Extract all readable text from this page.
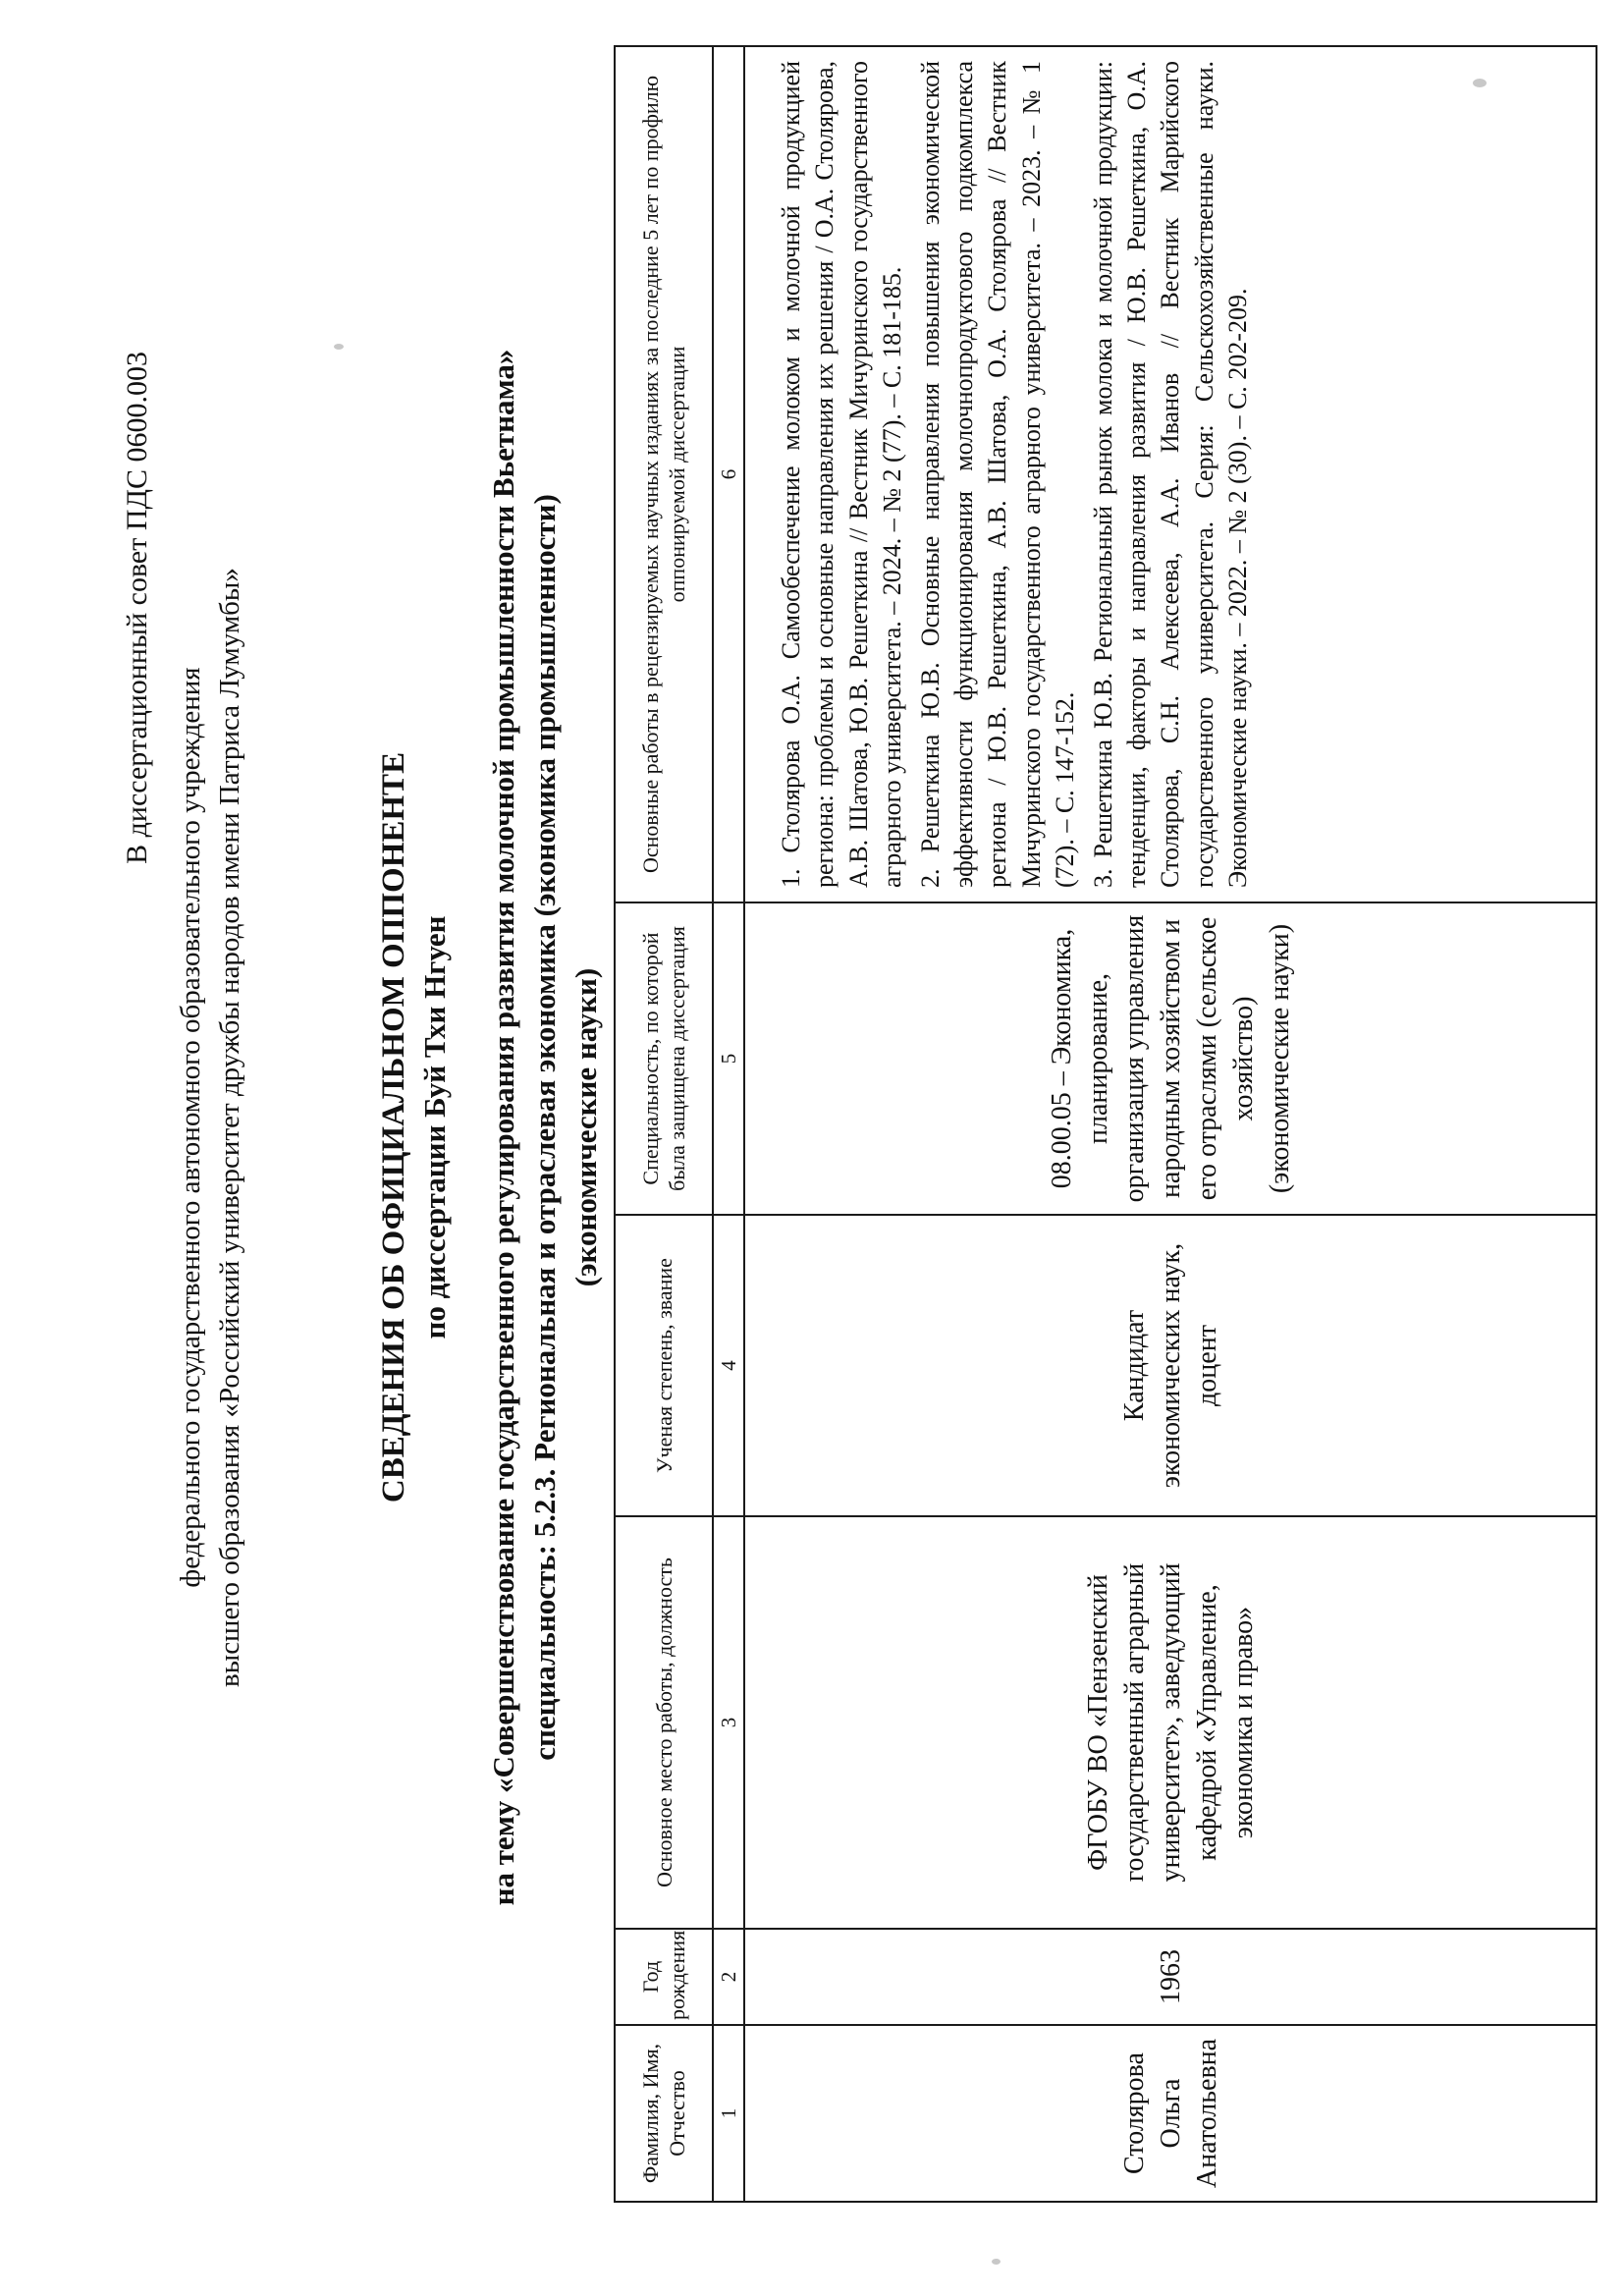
В диссертационный совет ПДС 0600.003
федерального государственного автономного образовательного учреждения высшего образования «Российский университет дружбы народов имени Патриса Лумумбы»	СВЕДЕНИЯ ОБ ОФИЦИАЛЬНОМ ОППОНЕНТЕ по диссертации Буй Тхи Нгуен на тему «Совершенствование государственного регулирования развития молочной промышленности Вьетнама» специальность: 5.2.3. Региональная и отраслевая экономика (экономика промышленности) (экономические науки)
Фамилия, Имя, Отчество	Год рождения	Основное место работы, должность	Ученая степень, звание	Специальность, по которой была защищена диссертация	Основные работы в рецензируемых научных изданиях за последние 5 лет по профилю оппонируемой диссертации
1	2	3	4	5	6
Столярова Ольга Анатольевна	1963	ФГОБУ ВО «Пензенский государственный аграрный университет», заведующий кафедрой «Управление, экономика и право»	Кандидат экономических наук, доцент	08.00.05 – Экономика, планирование, организация управления народным хозяйством и его отраслями (сельское хозяйство) (экономические науки)	1. Столярова О.А. Самообеспечение молоком и молочной продукцией региона: проблемы и основные направления их решения / О.А. Столярова, А.В. Шатова, Ю.В. Решеткина // Вестник Мичуринского государственного аграрного университета. – 2024. – № 2 (77). – С. 181-185. 2. Решеткина Ю.В. Основные направления повышения экономической эффективности функционирования молочнопродуктового подкомплекса региона / Ю.В. Решеткина, А.В. Шатова, О.А. Столярова // Вестник Мичуринского государственного аграрного университета. – 2023. – № 1 (72). – С. 147-152. 3. Решеткина Ю.В. Региональный рынок молока и молочной продукции: тенденции, факторы и направления развития / Ю.В. Решеткина, О.А. Столярова, С.Н. Алексеева, А.А. Иванов // Вестник Марийского государственного университета. Серия: Сельскохозяйственные науки. Экономические науки. – 2022. – № 2 (30). – С. 202-209.
